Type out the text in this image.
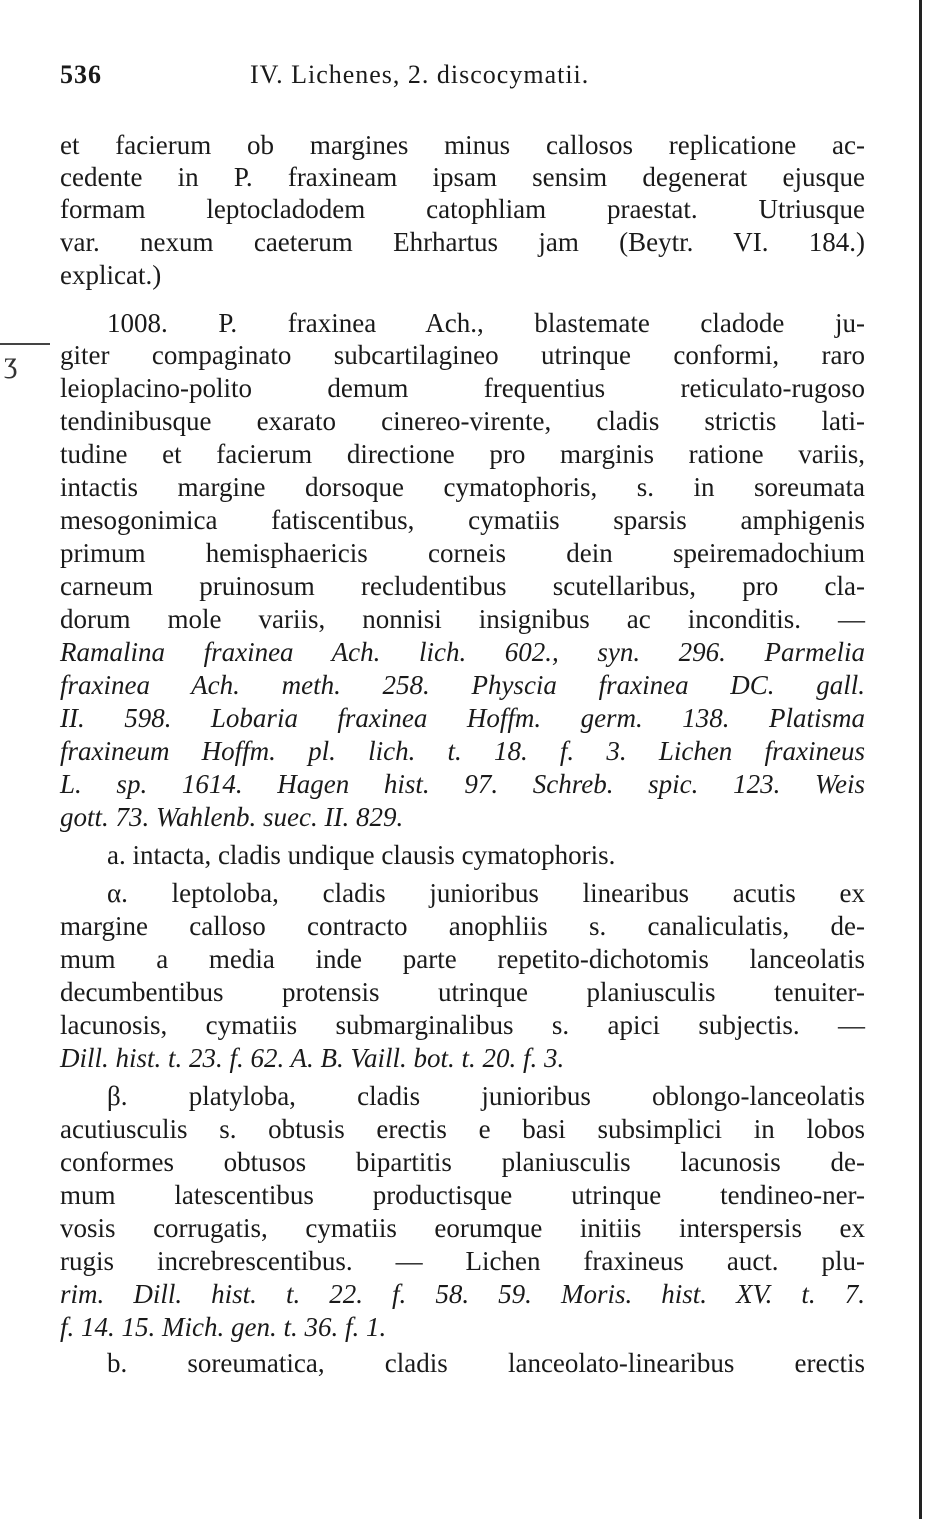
536	IV. Lichenes, 2. discocymatii.
et facierum ob margines minus callosos replicatione ac-
cedente in P. fraxineam ipsam sensim degenerat ejusque
formam leptocladodem catophliam praestat. Utriusque
var. nexum caeterum Ehrhartus jam (Beytr. VI. 184.)
explicat.)
1008. P. fraxinea Ach., blastemate cladode ju-
giter compaginato subcartilagineo utrinque conformi, raro
leioplacino-polito demum frequentius reticulato-rugoso
tendinibusque exarato cinereo-virente, cladis strictis lati-
tudine et facierum directione pro marginis ratione variis,
intactis margine dorsoque cymatophoris, s. in soreumata
mesogonimica fatiscentibus, cymatiis sparsis amphigenis
primum hemisphaericis corneis dein speiremadochium
carneum pruinosum recludentibus scutellaribus, pro cla-
dorum mole variis, nonnisi insignibus ac inconditis. —
Ramalina fraxinea Ach. lich. 602., syn. 296. Parmelia
fraxinea Ach. meth. 258. Physcia fraxinea DC. gall.
II. 598. Lobaria fraxinea Hoffm. germ. 138. Platisma
fraxineum Hoffm. pl. lich. t. 18. f. 3. Lichen fraxineus
L. sp. 1614. Hagen hist. 97. Schreb. spic. 123. Weis
gott. 73. Wahlenb. suec. II. 829.
a. intacta, cladis undique clausis cymatophoris.
α. leptoloba, cladis junioribus linearibus acutis ex
margine calloso contracto anophliis s. canaliculatis, de-
mum a media inde parte repetito-dichotomis lanceolatis
decumbentibus protensis utrinque planiusculis tenuiter-
lacunosis, cymatiis submarginalibus s. apici subjectis. —
Dill. hist. t. 23. f. 62. A. B. Vaill. bot. t. 20. f. 3.
β. platyloba, cladis junioribus oblongo-lanceolatis
acutiusculis s. obtusis erectis e basi subsimplici in lobos
conformes obtusos bipartitis planiusculis lacunosis de-
mum latescentibus productisque utrinque tendineo-ner-
vosis corrugatis, cymatiis eorumque initiis interspersis ex
rugis increbrescentibus. — Lichen fraxineus auct. plu-
rim. Dill. hist. t. 22. f. 58. 59. Moris. hist. XV. t. 7.
f. 14. 15. Mich. gen. t. 36. f. 1.
b. soreumatica, cladis lanceolato-linearibus erectis
ʒ
